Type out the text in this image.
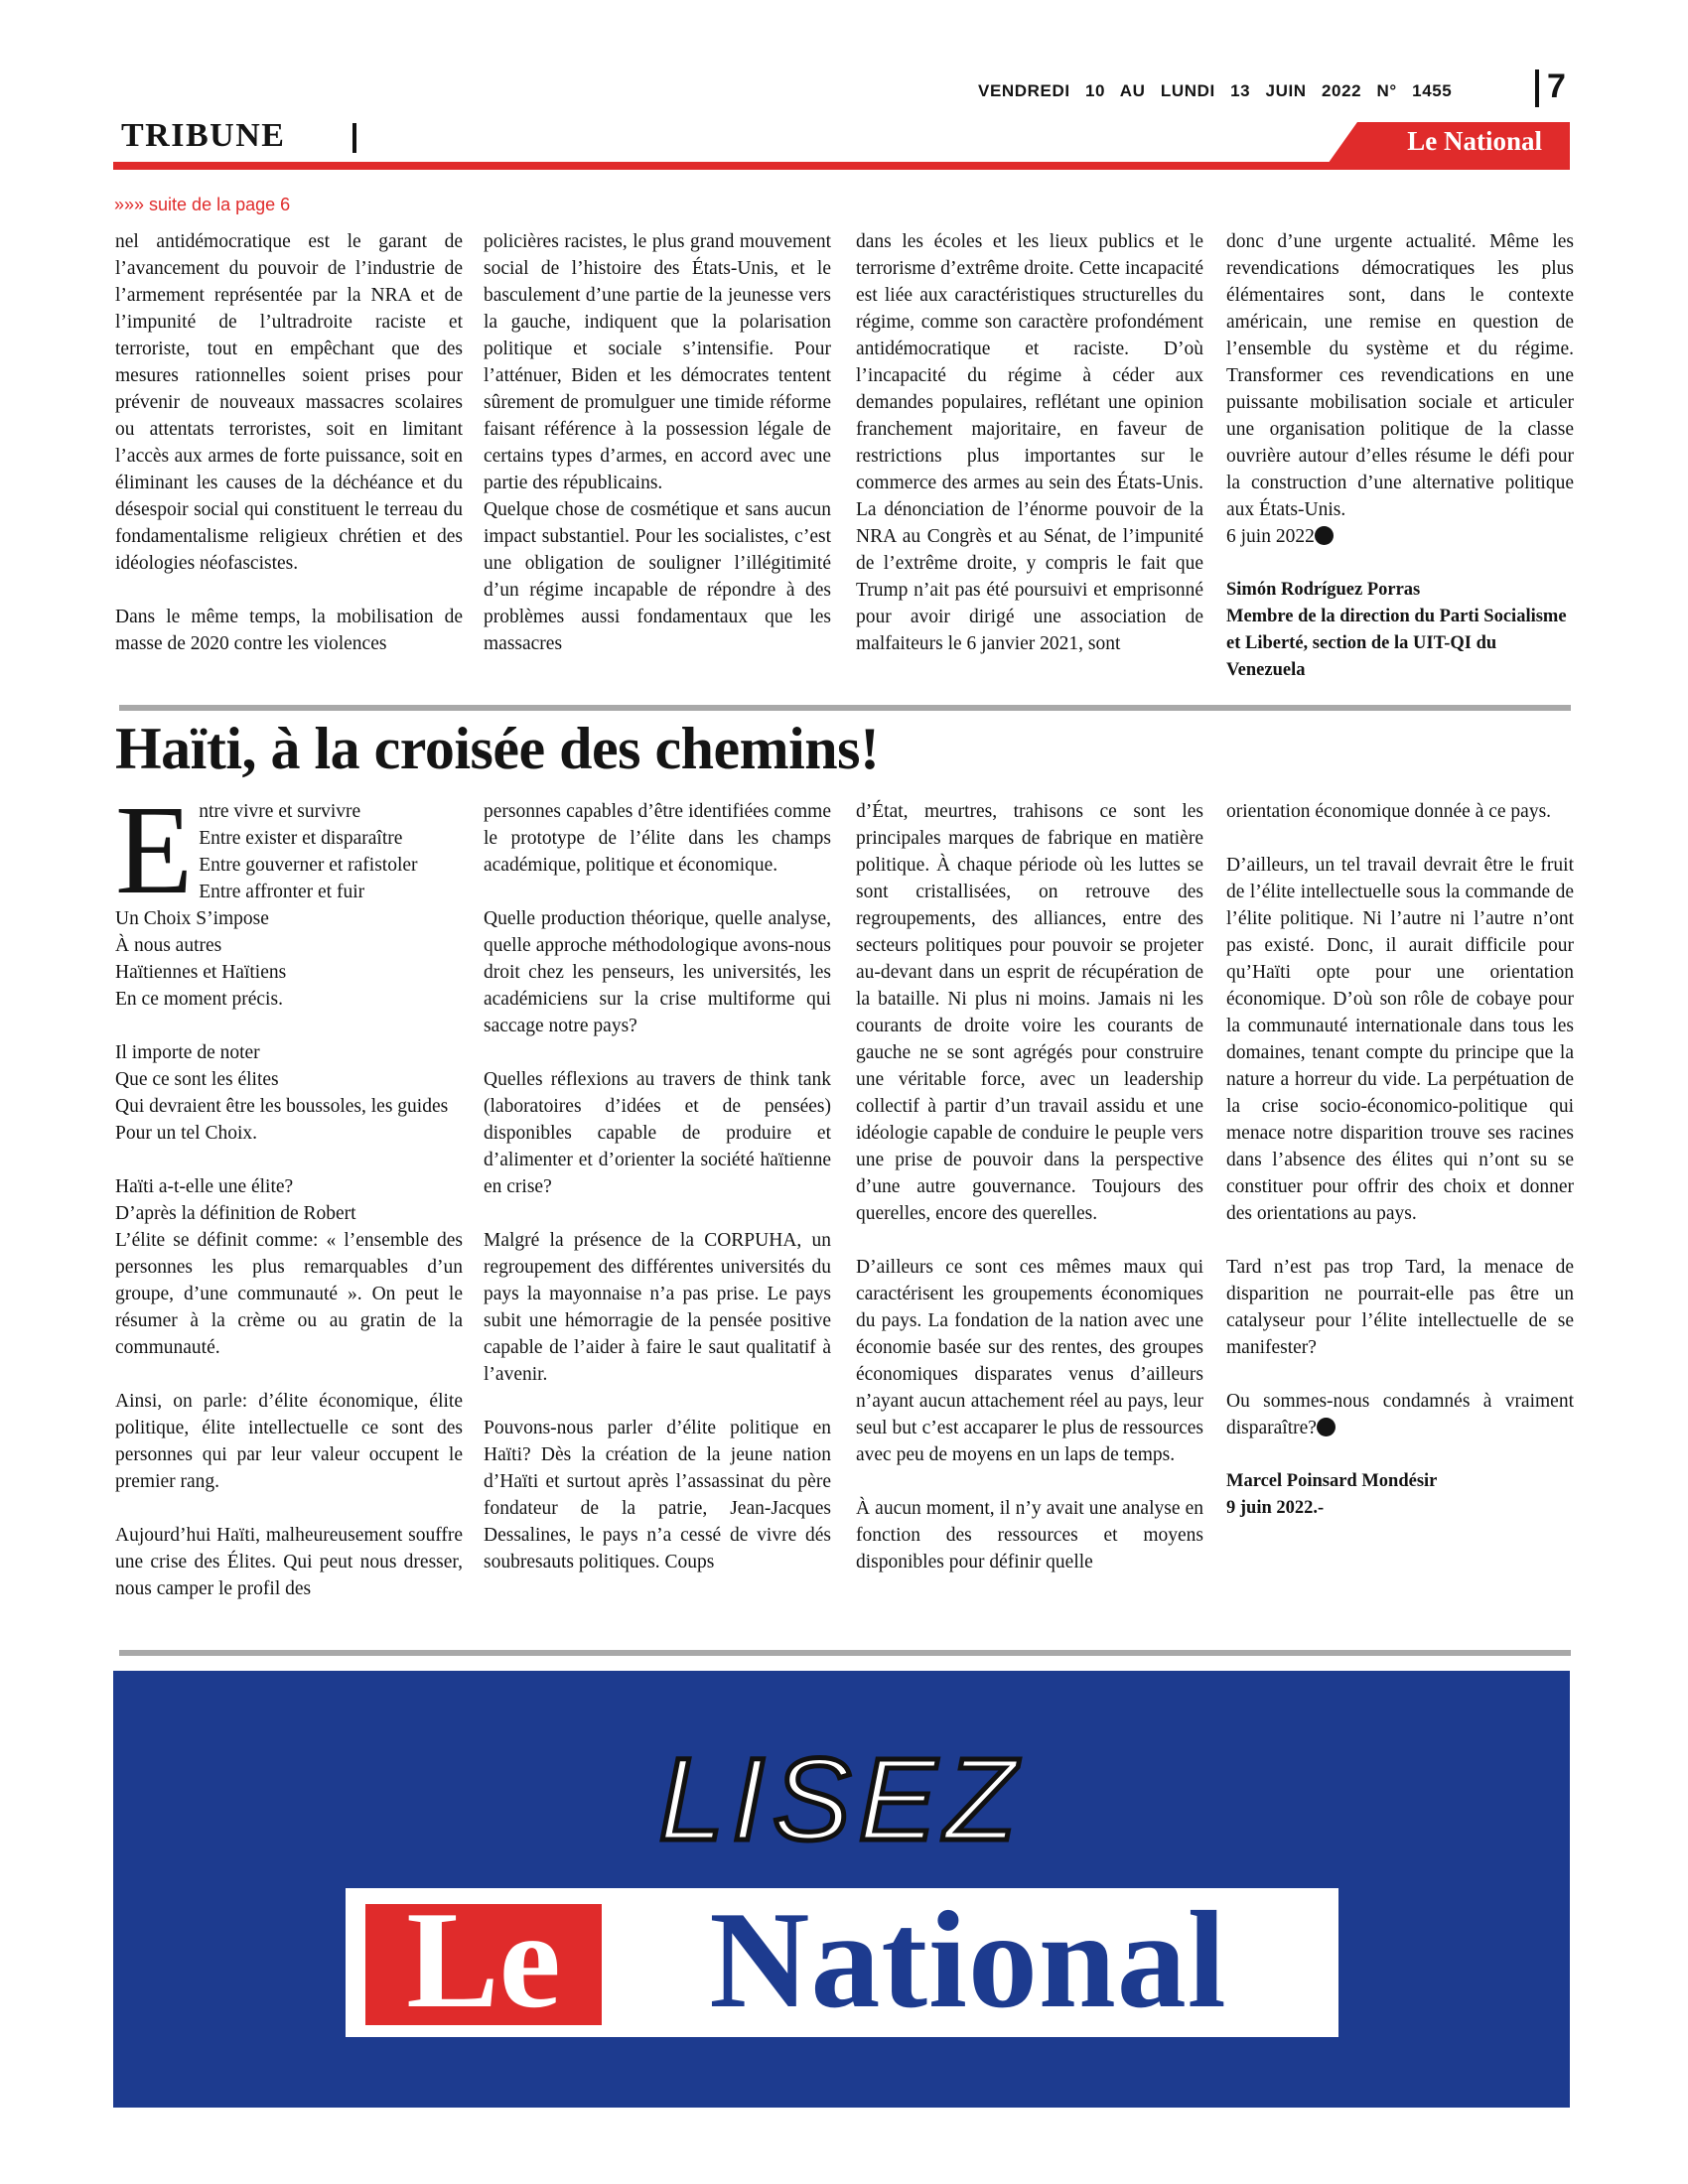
VENDREDI 10 AU LUNDI 13 JUIN 2022 N° 1455	7
TRIBUNE	Le National
»»» suite de la page 6

nel antidémocratique est le garant de l’avancement du pouvoir de l’industrie de l’armement représentée par la NRA et de l’impunité de l’ultradroite raciste et terroriste, tout en empêchant que des mesures rationnelles soient prises pour prévenir de nouveaux massacres scolaires ou attentats terroristes, soit en limitant l’accès aux armes de forte puissance, soit en éliminant les causes de la déchéance et du désespoir social qui constituent le terreau du fondamentalisme religieux chrétien et des idéologies néofascistes.

Dans le même temps, la mobilisation de masse de 2020 contre les violences

policières racistes, le plus grand mouvement social de l’histoire des États-Unis, et le basculement d’une partie de la jeunesse vers la gauche, indiquent que la polarisation politique et sociale s’intensifie. Pour l’atténuer, Biden et les démocrates tentent sûrement de promulguer une timide réforme faisant référence à la possession légale de certains types d’armes, en accord avec une partie des républicains.

Quelque chose de cosmétique et sans aucun impact substantiel. Pour les socialistes, c’est une obligation de souligner l’illégitimité d’un régime incapable de répondre à des problèmes aussi fondamentaux que les massacres

dans les écoles et les lieux publics et le terrorisme d’extrême droite. Cette incapacité est liée aux caractéristiques structurelles du régime, comme son caractère profondément antidémocratique et raciste. D’où l’incapacité du régime à céder aux demandes populaires, reflétant une opinion franchement majoritaire, en faveur de restrictions plus importantes sur le commerce des armes au sein des États-Unis. La dénonciation de l’énorme pouvoir de la NRA au Congrès et au Sénat, de l’impunité de l’extrême droite, y compris le fait que Trump n’ait pas été poursuivi et emprisonné pour avoir dirigé une association de malfaiteurs le 6 janvier 2021, sont

donc d’une urgente actualité. Même les revendications démocratiques les plus élémentaires sont, dans le contexte américain, une remise en question de l’ensemble du système et du régime. Transformer ces revendications en une puissante mobilisation sociale et articuler une organisation politique de la classe ouvrière autour d’elles résume le défi pour la construction d’une alternative politique aux États-Unis.

6 juin 2022

Simón Rodríguez Porras

Membre de la direction du Parti Socialisme et Liberté, section de la UIT-QI du Venezuela

Haïti, à la croisée des chemins!
E ntre vivre et survivre
Entre exister et disparaître
Entre gouverner et rafistoler
Entre affronter et fuir
Un Choix S’impose
À nous autres
Haïtiennes et Haïtiens
En ce moment précis.
Il importe de noter
Que ce sont les élites
Qui devraient être les boussoles, les guides
Pour un tel Choix.
Haïti a-t-elle une élite?
D’après la définition de Robert

L’élite se définit comme: « l’ensemble des personnes les plus remarquables d’un groupe, d’une communauté ». On peut le résumer à la crème ou au gratin de la communauté.

Ainsi, on parle: d’élite économique, élite politique, élite intellectuelle ce sont des personnes qui par leur valeur occupent le premier rang.

Aujourd’hui Haïti, malheureusement souffre une crise des Élites. Qui peut nous dresser, nous camper le profil des

personnes capables d’être identifiées comme le prototype de l’élite dans les champs académique, politique et économique.

Quelle production théorique, quelle analyse, quelle approche méthodologique avons-nous droit chez les penseurs, les universités, les académiciens sur la crise multiforme qui saccage notre pays?

Quelles réflexions au travers de think tank (laboratoires d’idées et de pensées) disponibles capable de produire et d’alimenter et d’orienter la société haïtienne en crise?

Malgré la présence de la CORPUHA, un regroupement des différentes universités du pays la mayonnaise n’a pas prise. Le pays subit une hémorragie de la pensée positive capable de l’aider à faire le saut qualitatif à l’avenir.

Pouvons-nous parler d’élite politique en Haïti? Dès la création de la jeune nation d’Haïti et surtout après l’assassinat du père fondateur de la patrie, Jean-Jacques Dessalines, le pays n’a cessé de vivre dés soubresauts politiques. Coups

d’État, meurtres, trahisons ce sont les principales marques de fabrique en matière politique. À chaque période où les luttes se sont cristallisées, on retrouve des regroupements, des alliances, entre des secteurs politiques pour pouvoir se projeter au-devant dans un esprit de récupération de la bataille. Ni plus ni moins. Jamais ni les courants de droite voire les courants de gauche ne se sont agrégés pour construire une véritable force, avec un leadership collectif à partir d’un travail assidu et une idéologie capable de conduire le peuple vers une prise de pouvoir dans la perspective d’une autre gouvernance. Toujours des querelles, encore des querelles.

D’ailleurs ce sont ces mêmes maux qui caractérisent les groupements économiques du pays. La fondation de la nation avec une économie basée sur des rentes, des groupes économiques disparates venus d’ailleurs n’ayant aucun attachement réel au pays, leur seul but c’est accaparer le plus de ressources avec peu de moyens en un laps de temps.

À aucun moment, il n’y avait une analyse en fonction des ressources et moyens disponibles pour définir quelle

orientation économique donnée à ce pays.

D’ailleurs, un tel travail devrait être le fruit de l’élite intellectuelle sous la commande de l’élite politique. Ni l’autre ni l’autre n’ont pas existé. Donc, il aurait difficile pour qu’Haïti opte pour une orientation économique. D’où son rôle de cobaye pour la communauté internationale dans tous les domaines, tenant compte du principe que la nature a horreur du vide. La perpétuation de la crise socio-économico-politique qui menace notre disparition trouve ses racines dans l’absence des élites qui n’ont su se constituer pour offrir des choix et donner des orientations au pays.

Tard n’est pas trop Tard, la menace de disparition ne pourrait-elle pas être un catalyseur pour l’élite intellectuelle de se manifester?

Ou sommes-nous condamnés à vraiment disparaître?

Marcel Poinsard Mondésir

9 juin 2022.-

LISEZ
Le	National
